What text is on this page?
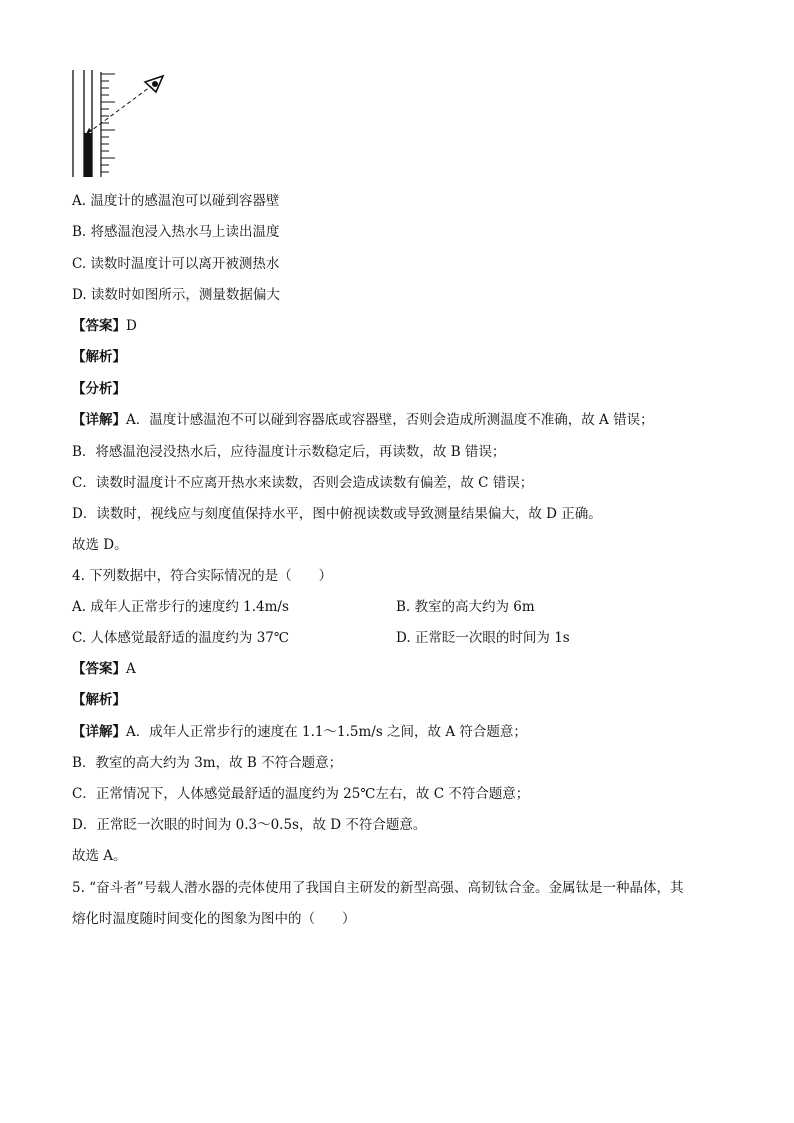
A. 温度计的感温泡可以碰到容器壁
B. 将感温泡浸入热水马上读出温度
C. 读数时温度计可以离开被测热水
D. 读数时如图所示，测量数据偏大
【答案】D
【解析】
【分析】
【详解】A．温度计感温泡不可以碰到容器底或容器壁，否则会造成所测温度不准确，故 A 错误；
B．将感温泡浸没热水后，应待温度计示数稳定后，再读数，故 B 错误；
C．读数时温度计不应离开热水来读数，否则会造成读数有偏差，故 C 错误；
D．读数时，视线应与刻度值保持水平，图中俯视读数或导致测量结果偏大，故 D 正确。
故选 D。
4. 下列数据中，符合实际情况的是（　　）
A. 成年人正常步行的速度约 1.4m/s	B. 教室的高大约为 6m
C. 人体感觉最舒适的温度约为 37℃	D. 正常眨一次眼的时间为 1s
【答案】A
【解析】
【详解】A．成年人正常步行的速度在 1.1～1.5m/s 之间，故 A 符合题意；
B．教室的高大约为 3m，故 B 不符合题意；
C．正常情况下，人体感觉最舒适的温度约为 25℃左右，故 C 不符合题意；
D．正常眨一次眼的时间为 0.3～0.5s，故 D 不符合题意。
故选 A。
5. “奋斗者”号载人潜水器的壳体使用了我国自主研发的新型高强、高韧钛合金。金属钛是一种晶体，其
熔化时温度随时间变化的图象为图中的（　　）
